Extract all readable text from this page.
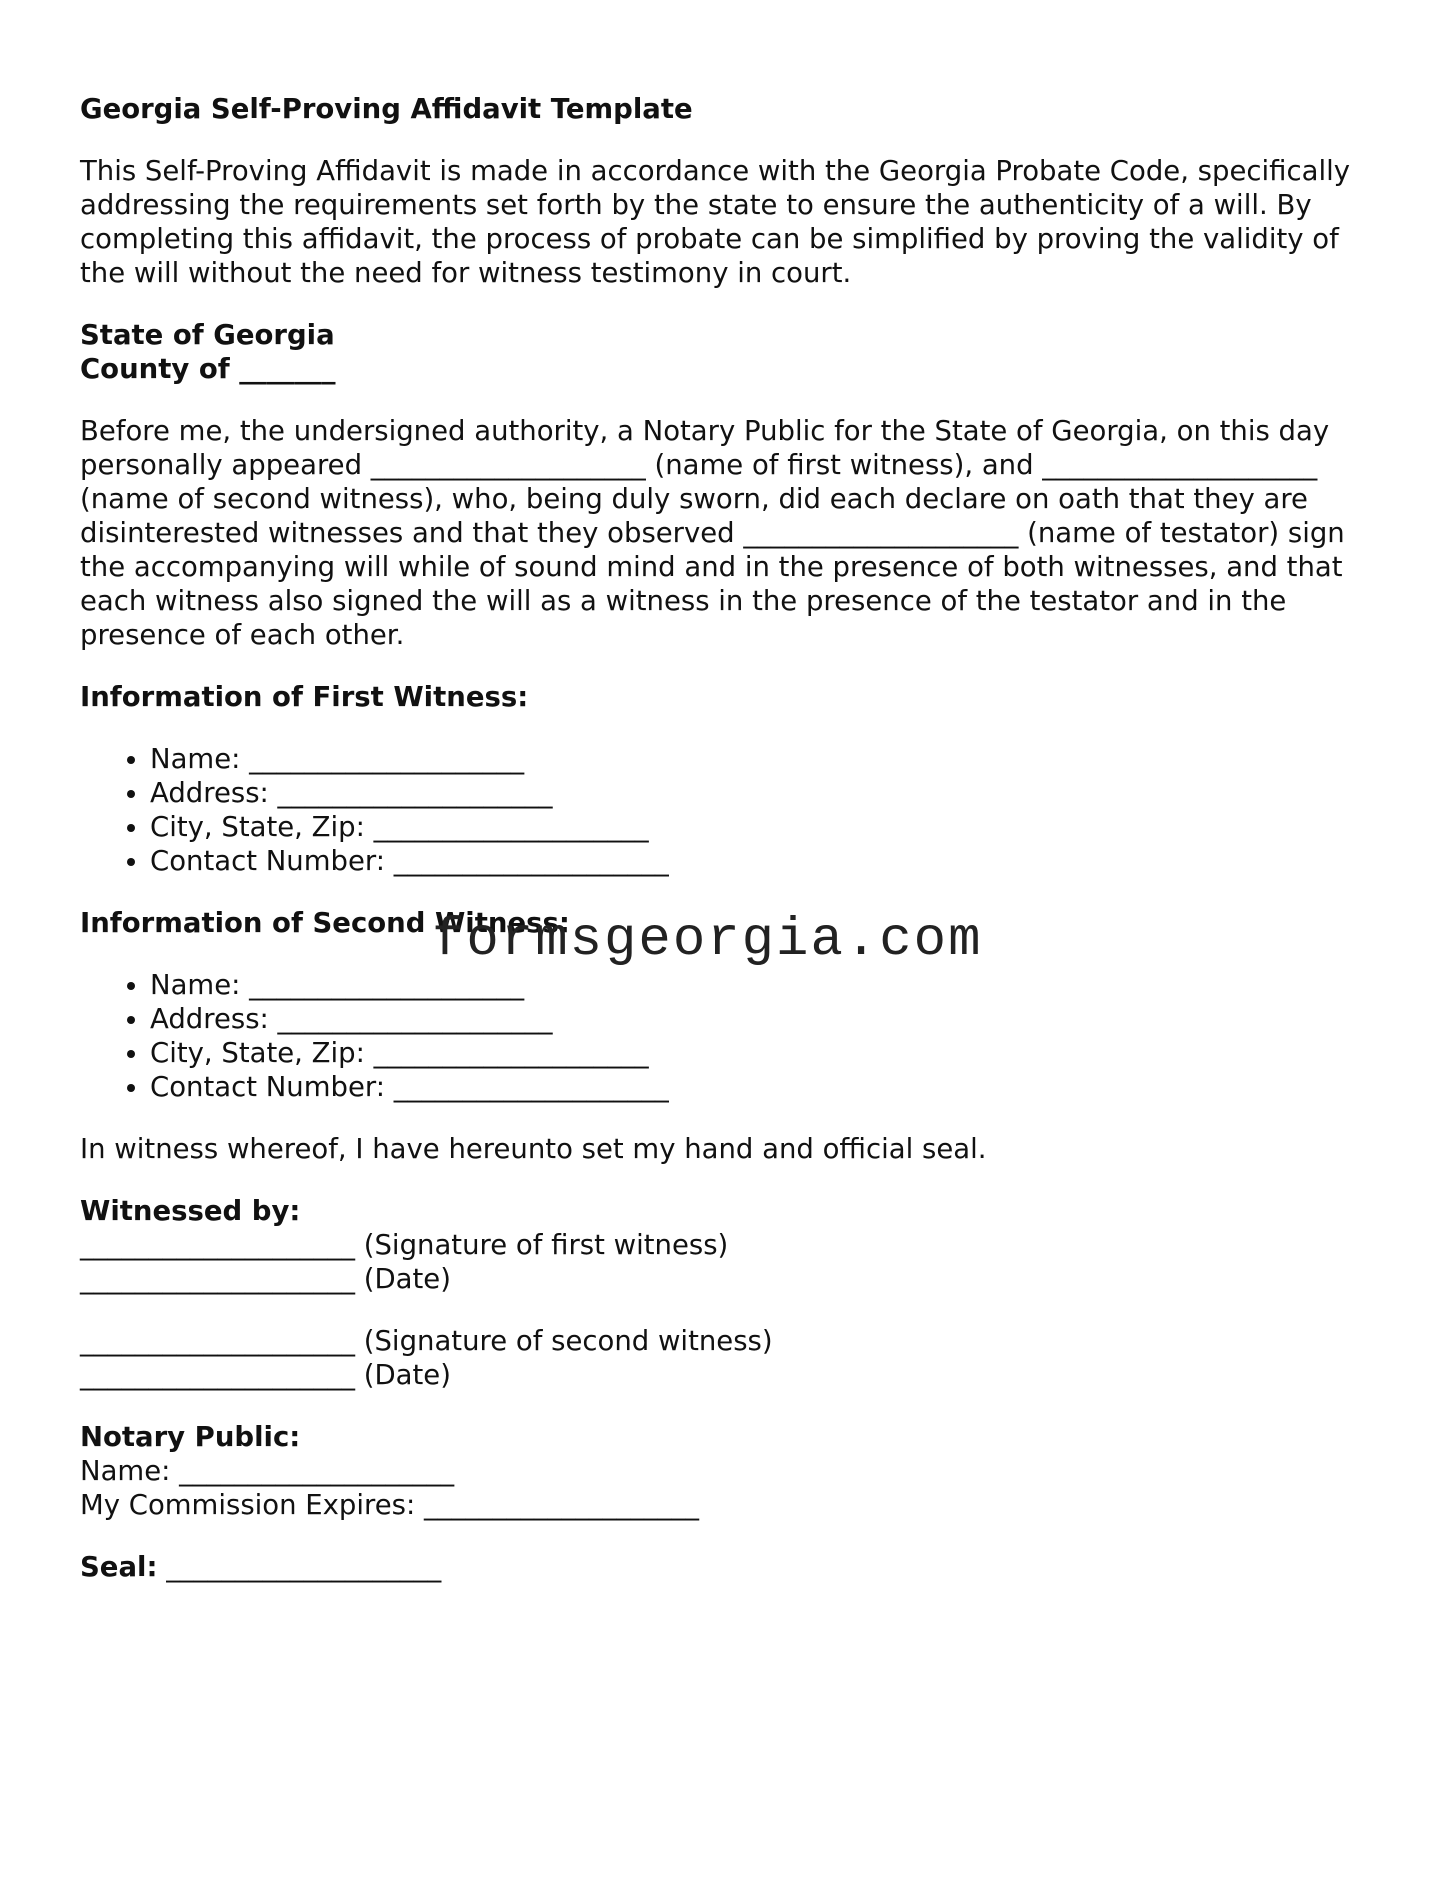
Georgia Self-Proving Affidavit Template

This Self-Proving Affidavit is made in accordance with the Georgia Probate Code, specifically addressing the requirements set forth by the state to ensure the authenticity of a will. By completing this affidavit, the process of probate can be simplified by proving the validity of the will without the need for witness testimony in court.

State of Georgia
County of _______

Before me, the undersigned authority, a Notary Public for the State of Georgia, on this day personally appeared ____________________ (name of first witness), and ____________________ (name of second witness), who, being duly sworn, did each declare on oath that they are disinterested witnesses and that they observed ____________________ (name of testator) sign the accompanying will while of sound mind and in the presence of both witnesses, and that each witness also signed the will as a witness in the presence of the testator and in the presence of each other.

Information of First Witness:
• Name: ____________________
• Address: ____________________
• City, State, Zip: ____________________
• Contact Number: ____________________
Information of Second Witness:
• Name: ____________________
• Address: ____________________
• City, State, Zip: ____________________
• Contact Number: ____________________

In witness whereof, I have hereunto set my hand and official seal.

Witnessed by:
____________________ (Signature of first witness)
____________________ (Date)
____________________ (Signature of second witness)
____________________ (Date)
Notary Public:
Name: ____________________
My Commission Expires: ____________________
Seal: ____________________
formsgeorgia.com
